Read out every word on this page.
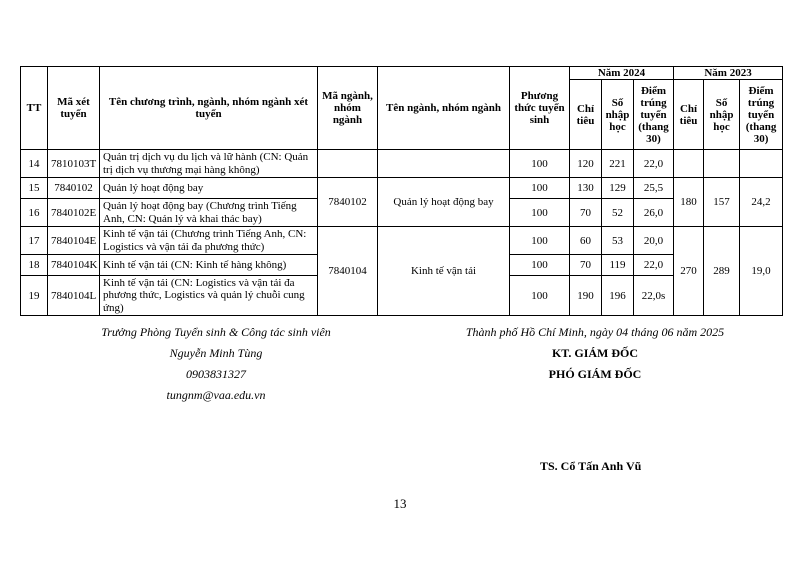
TT	Mã xét tuyển	Tên chương trình, ngành, nhóm ngành xét tuyển	Mã ngành, nhóm ngành	Tên ngành, nhóm ngành	Phương thức tuyển sinh	Năm 2024			Năm 2023		
						Chỉ tiêu	Số nhập học	Điểm trúng tuyển (thang 30)	Chỉ tiêu	Số nhập học	Điểm trúng tuyển (thang 30)
14	7810103T	Quản trị dịch vụ du lịch và lữ hành (CN: Quản trị dịch vụ thương mại hàng không)			100	120	221	22,0			
15	7840102	Quản lý hoạt động bay	7840102	Quản lý hoạt động bay	100	130	129	25,5	180	157	24,2
16	7840102E	Quản lý hoạt động bay (Chương trình Tiếng Anh, CN: Quản lý và khai thác bay)			100	70	52	26,0			
17	7840104E	Kinh tế vận tải (Chương trình Tiếng Anh, CN: Logistics và vận tải đa phương thức)	7840104	Kinh tế vận tải	100	60	53	20,0	270	289	19,0
18	7840104K	Kinh tế vận tải (CN: Kinh tế hàng không)			100	70	119	22,0			
19	7840104L	Kinh tế vận tải (CN: Logistics và vận tải đa phương thức, Logistics và quản lý chuỗi cung ứng)			100	190	196	22,0s			
Trưởng Phòng Tuyển sinh & Công tác sinh viên
Nguyễn Minh Tùng
0903831327
tungnm@vaa.edu.vn
Thành phố Hồ Chí Minh, ngày 04 tháng 06 năm 2025
KT. GIÁM ĐỐC
PHÓ GIÁM ĐỐC
TS. Cổ Tấn Anh Vũ
13
